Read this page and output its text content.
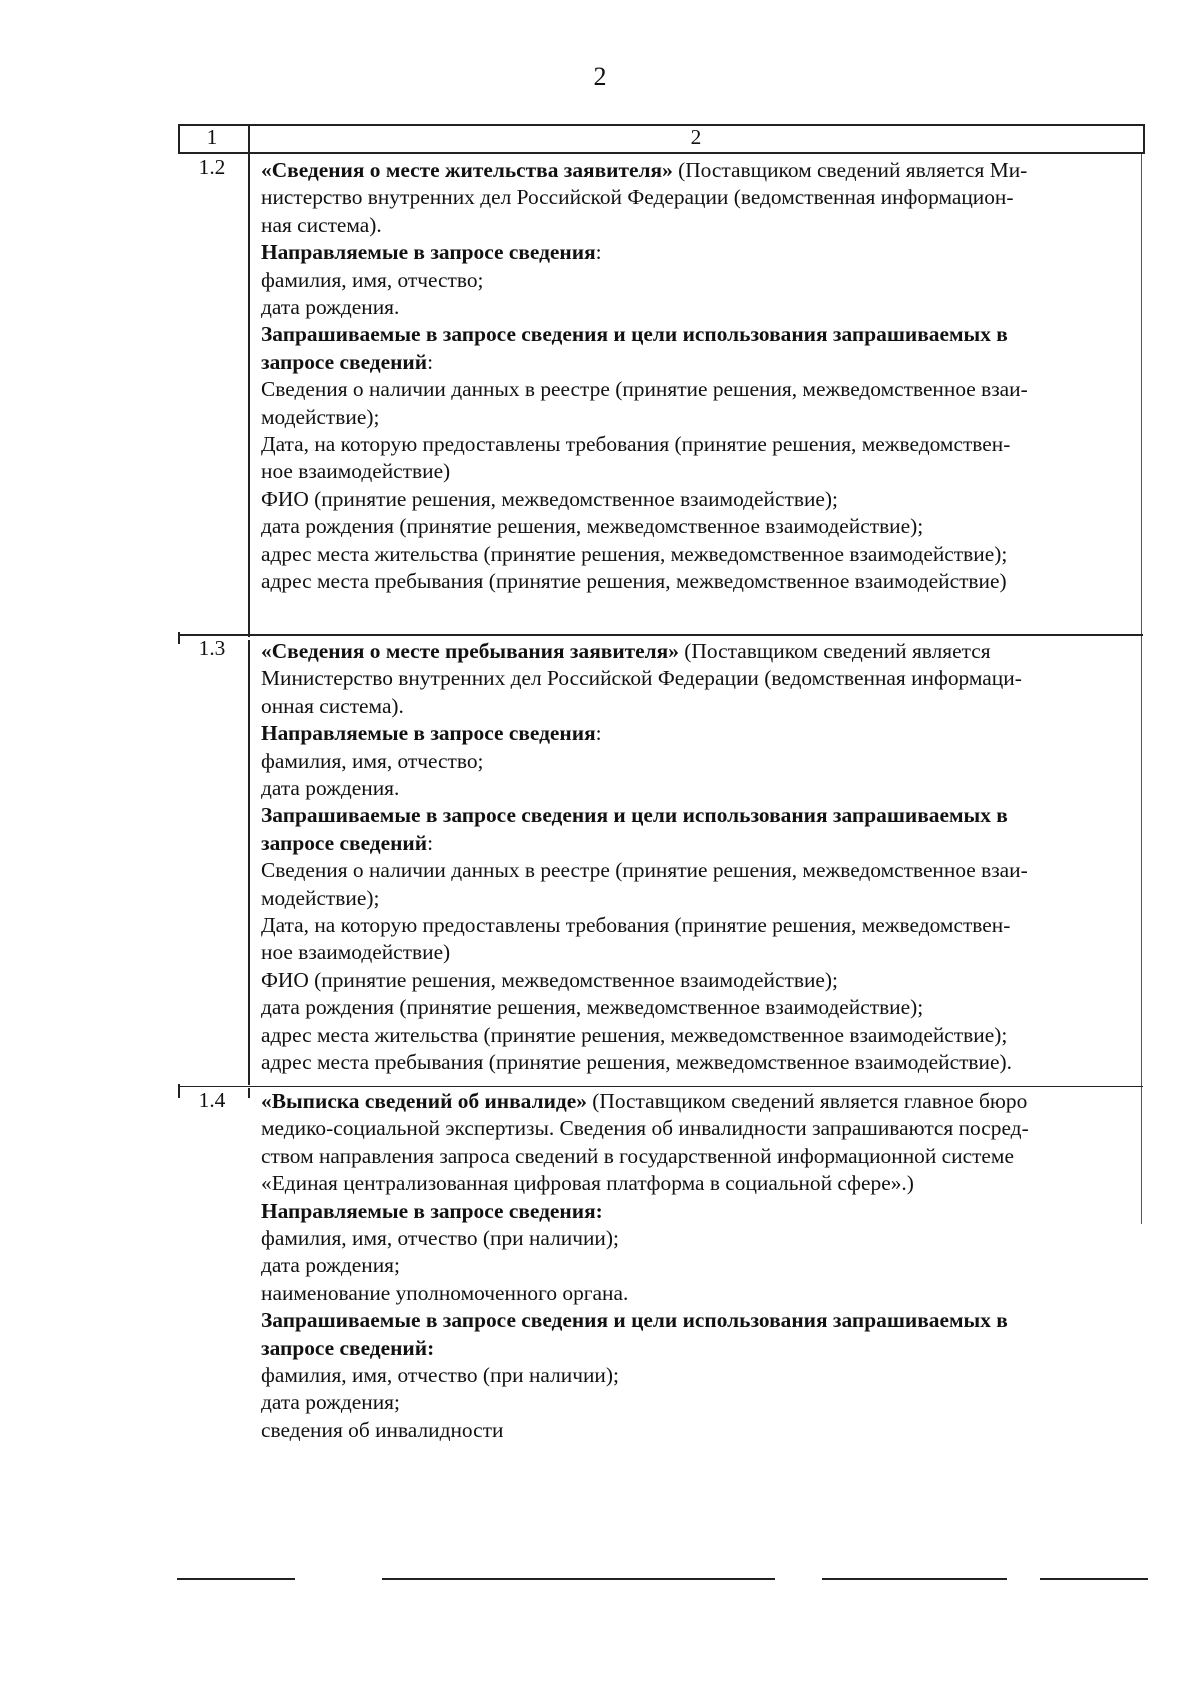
2
1	2
1.2	«Сведения о месте жительства заявителя» (Поставщиком сведений является Ми-
нистерство внутренних дел Российской Федерации (ведомственная информацион-
ная система).
Направляемые в запросе сведения:
фамилия, имя, отчество;
дата рождения.
Запрашиваемые в запросе сведения и цели использования запрашиваемых в
запросе сведений:
Сведения о наличии данных в реестре (принятие решения, межведомственное взаи-
модействие);
Дата, на которую предоставлены требования (принятие решения, межведомствен-
ное взаимодействие)
ФИО (принятие решения, межведомственное взаимодействие);
дата рождения (принятие решения, межведомственное взаимодействие);
адрес места жительства (принятие решения, межведомственное взаимодействие);
адрес места пребывания (принятие решения, межведомственное взаимодействие)
1.3	«Сведения о месте пребывания заявителя» (Поставщиком сведений является
Министерство внутренних дел Российской Федерации (ведомственная информаци-
онная система).
Направляемые в запросе сведения:
фамилия, имя, отчество;
дата рождения.
Запрашиваемые в запросе сведения и цели использования запрашиваемых в
запросе сведений:
Сведения о наличии данных в реестре (принятие решения, межведомственное взаи-
модействие);
Дата, на которую предоставлены требования (принятие решения, межведомствен-
ное взаимодействие)
ФИО (принятие решения, межведомственное взаимодействие);
дата рождения (принятие решения, межведомственное взаимодействие);
адрес места жительства (принятие решения, межведомственное взаимодействие);
адрес места пребывания (принятие решения, межведомственное взаимодействие).
1.4	«Выписка сведений об инвалиде» (Поставщиком сведений является главное бюро
медико-социальной экспертизы. Сведения об инвалидности запрашиваются посред-
ством направления запроса сведений в государственной информационной системе
«Единая централизованная цифровая платформа в социальной сфере».)
Направляемые в запросе сведения:
фамилия, имя, отчество (при наличии);
дата рождения;
наименование уполномоченного органа.
Запрашиваемые в запросе сведения и цели использования запрашиваемых в
запросе сведений:
фамилия, имя, отчество (при наличии);
дата рождения;
сведения об инвалидности
